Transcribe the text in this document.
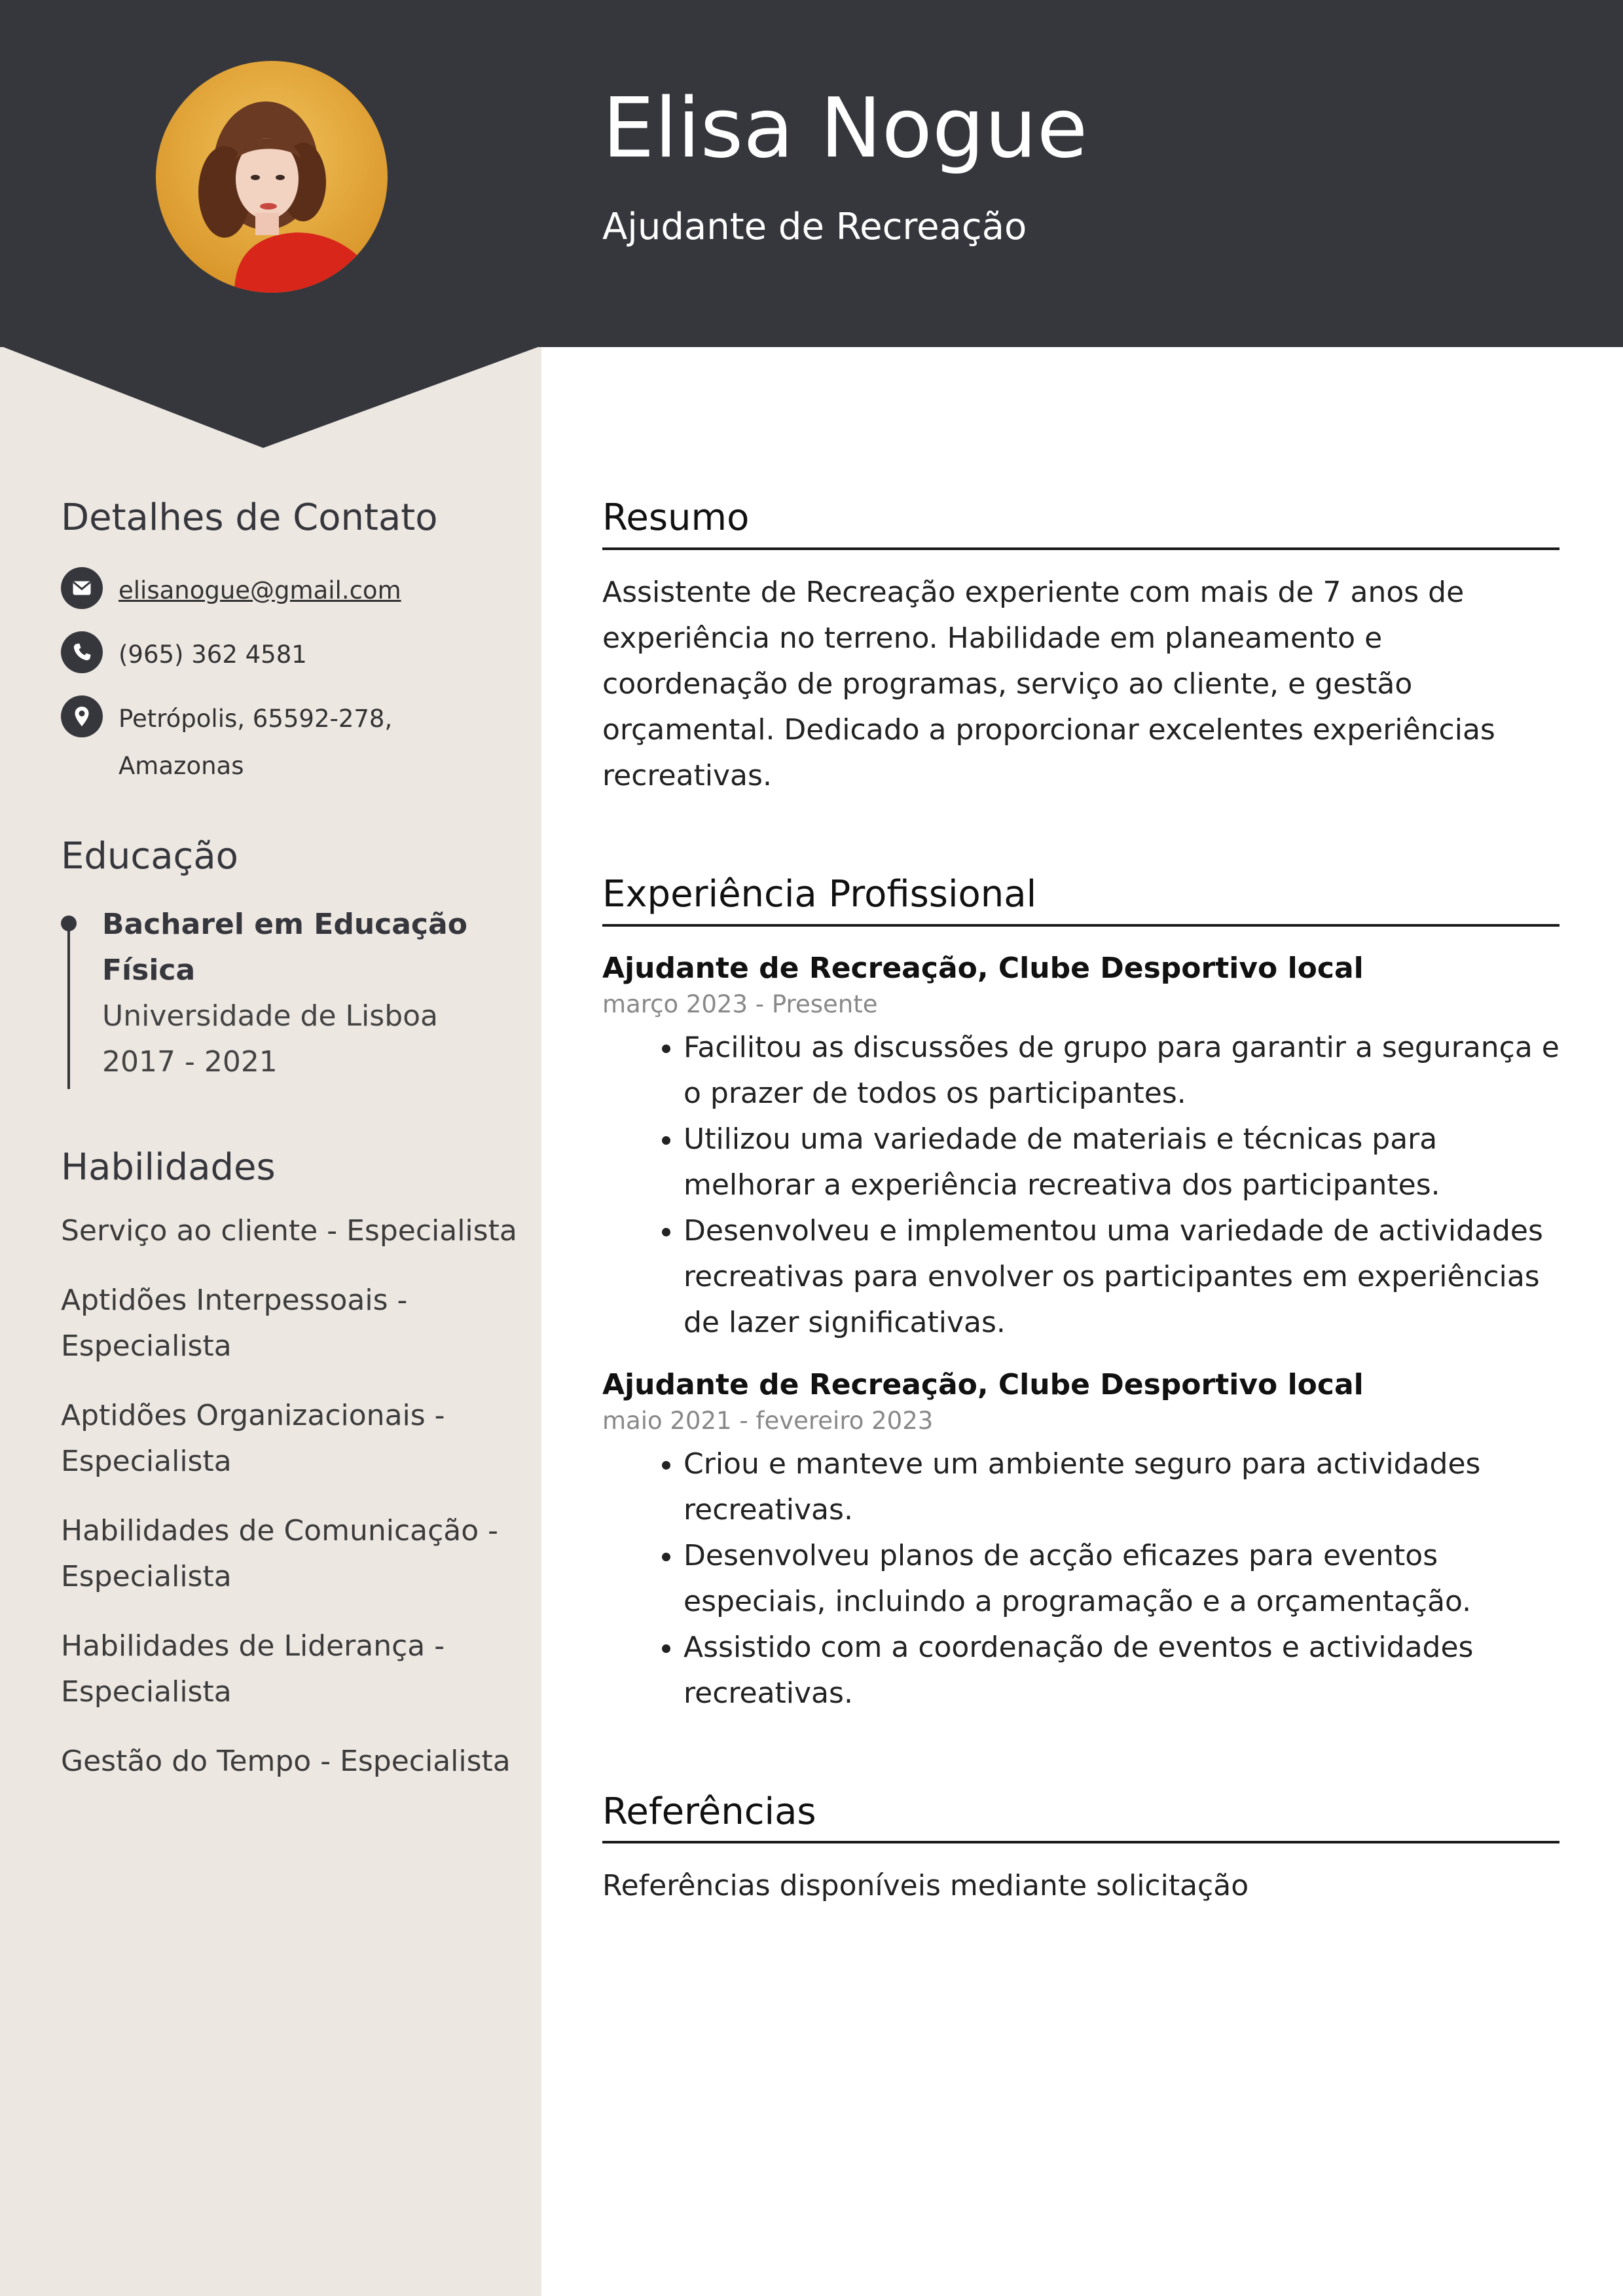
Elisa Nogue
Ajudante de Recreação
Detalhes de Contato
elisanogue@gmail.com
(965) 362 4581
Petrópolis, 65592-278,
Amazonas
Educação
Bacharel em Educação
Física
Universidade de Lisboa
2017 - 2021
Habilidades
Serviço ao cliente - Especialista
Aptidões Interpessoais - Especialista
Aptidões Organizacionais - Especialista
Habilidades de Comunicação - Especialista
Habilidades de Liderança - Especialista
Gestão do Tempo - Especialista
Resumo

Assistente de Recreação experiente com mais de 7 anos de experiência no terreno. Habilidade em planeamento e coordenação de programas, serviço ao cliente, e gestão orçamental. Dedicado a proporcionar excelentes experiências recreativas.

Experiência Profissional
Ajudante de Recreação, Clube Desportivo local
março 2023 - Presente
• Facilitou as discussões de grupo para garantir a segurança e o prazer de todos os participantes.
• Utilizou uma variedade de materiais e técnicas para melhorar a experiência recreativa dos participantes.
• Desenvolveu e implementou uma variedade de actividades recreativas para envolver os participantes em experiências de lazer significativas.
Ajudante de Recreação, Clube Desportivo local
maio 2021 - fevereiro 2023
• Criou e manteve um ambiente seguro para actividades recreativas.
• Desenvolveu planos de acção eficazes para eventos especiais, incluindo a programação e a orçamentação.
• Assistido com a coordenação de eventos e actividades recreativas.
Referências

Referências disponíveis mediante solicitação
